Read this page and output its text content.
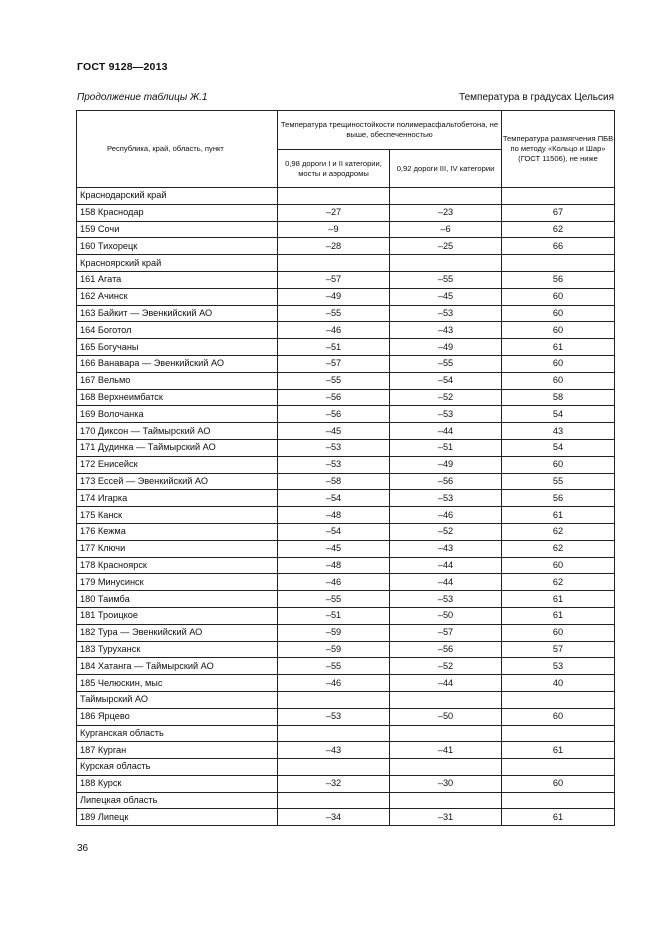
ГОСТ 9128—2013
Продолжение таблицы Ж.1	Температура в градусах Цельсия
Республика, край, область, пункт	Температура трещиностойкости полимерасфальтобетона, не выше, обеспеченностью		Температура размягчения ПБВ по методу «Кольцо и Шар» (ГОСТ 11506), не ниже
	0,98 дороги I и II категории, мосты и аэродромы	0,92 дороги III, IV категории	
Краснодарский край			
158 Краснодар	–27	–23	67
159 Сочи	–9	–6	62
160 Тихорецк	–28	–25	66
Красноярский край			
161 Агата	–57	–55	56
162 Ачинск	–49	–45	60
163 Байкит — Эвенкийский АО	–55	–53	60
164 Боготол	–46	–43	60
165 Богучаны	–51	–49	61
166 Ванавара — Эвенкийский АО	–57	–55	60
167 Вельмо	–55	–54	60
168 Верхнеимбатск	–56	–52	58
169 Волочанка	–56	–53	54
170 Диксон — Таймырский АО	–45	–44	43
171 Дудинка — Таймырский АО	–53	–51	54
172 Енисейск	–53	–49	60
173 Ессей — Эвенкийский АО	–58	–56	55
174 Игарка	–54	–53	56
175 Канск	–48	–46	61
176 Кежма	–54	–52	62
177 Ключи	–45	–43	62
178 Красноярск	–48	–44	60
179 Минусинск	–46	–44	62
180 Таимба	–55	–53	61
181 Троицкое	–51	–50	61
182 Тура — Эвенкийский АО	–59	–57	60
183 Туруханск	–59	–56	57
184 Хатанга — Таймырский АО	–55	–52	53
185 Челюскин, мыс	–46	–44	40
Таймырский АО			
186 Ярцево	–53	–50	60
Курганская область			
187 Курган	–43	–41	61
Курская область			
188 Курск	–32	–30	60
Липецкая область			
189 Липецк	–34	–31	61
36
